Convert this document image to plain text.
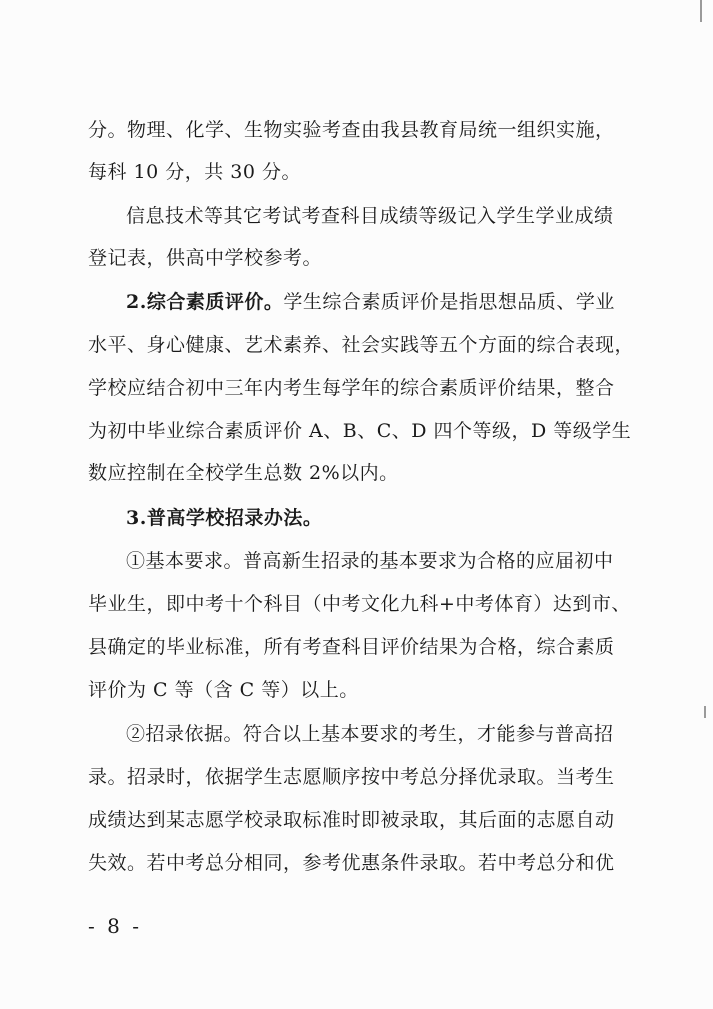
分。物理、化学、生物实验考查由我县教育局统一组织实施，
每科 10 分，共 30 分。
信息技术等其它考试考查科目成绩等级记入学生学业成绩
登记表，供高中学校参考。
2.综合素质评价。学生综合素质评价是指思想品质、学业
水平、身心健康、艺术素养、社会实践等五个方面的综合表现，
学校应结合初中三年内考生每学年的综合素质评价结果，整合
为初中毕业综合素质评价 A、B、C、D 四个等级，D 等级学生
数应控制在全校学生总数 2%以内。
3.普高学校招录办法。
①基本要求。普高新生招录的基本要求为合格的应届初中
毕业生，即中考十个科目（中考文化九科+中考体育）达到市、
县确定的毕业标准，所有考查科目评价结果为合格，综合素质
评价为 C 等（含 C 等）以上。
②招录依据。符合以上基本要求的考生，才能参与普高招
录。招录时，依据学生志愿顺序按中考总分择优录取。当考生
成绩达到某志愿学校录取标准时即被录取，其后面的志愿自动
失效。若中考总分相同，参考优惠条件录取。若中考总分和优
- 8 -
